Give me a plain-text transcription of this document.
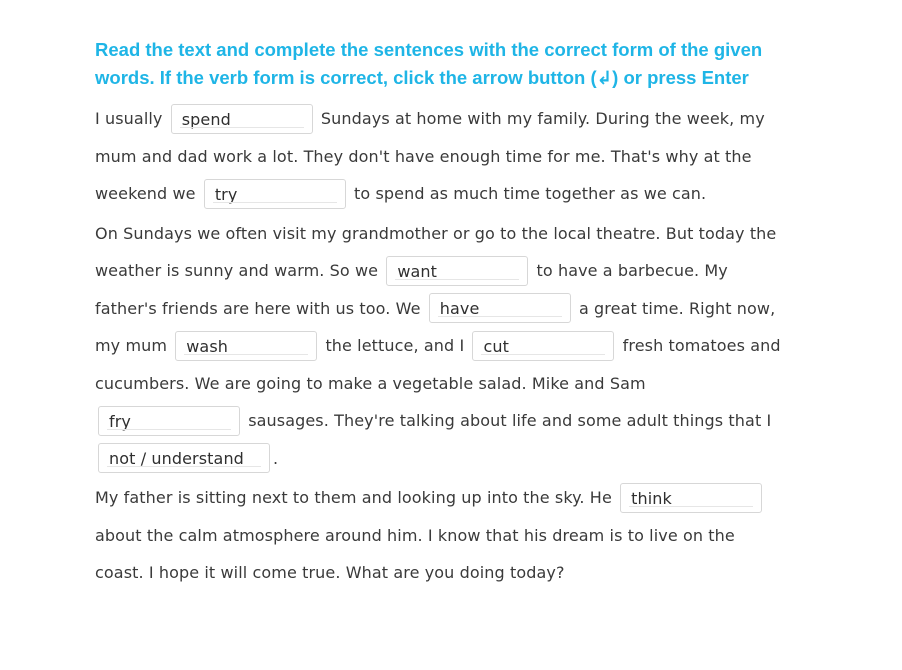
Read the text and complete the sentences with the correct form of the given words. If the verb form is correct, click the arrow button (↲) or press Enter

I usually spend	Sundays at home with my family. During the week, my mum and dad work a lot. They don't have enough time for me. That's why at the weekend we try	to spend as much time together as we can.

On Sundays we often visit my grandmother or go to the local theatre. But today the weather is sunny and warm. So we want	to have a barbecue. My father's friends are here with us too. We have	a great time. Right now, my mum wash	the lettuce, and I cut	fresh tomatoes and cucumbers. We are going to make a vegetable salad. Mike and Sam fry	sausages. They're talking about life and some adult things that I not / understand .

My father is sitting next to them and looking up into the sky. He think about the calm atmosphere around him. I know that his dream is to live on the coast. I hope it will come true. What are you doing today?
